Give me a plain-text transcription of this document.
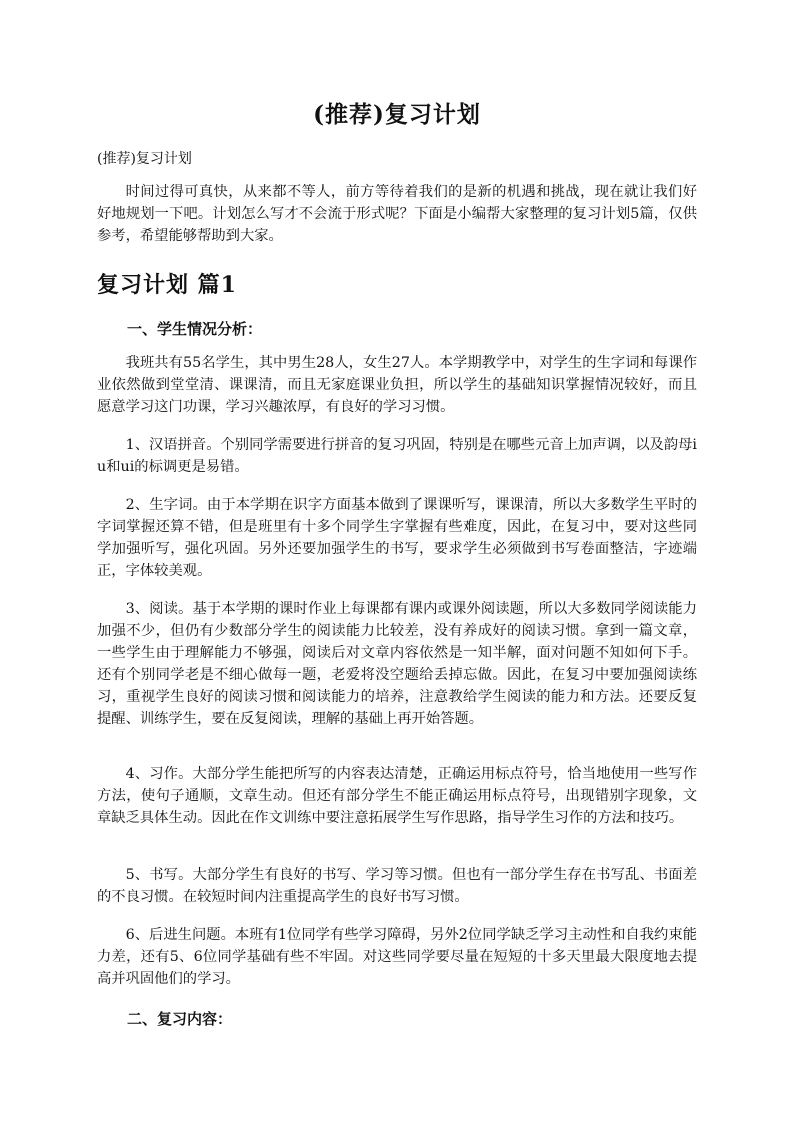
(推荐)复习计划

(推荐)复习计划

时间过得可真快，从来都不等人，前方等待着我们的是新的机遇和挑战，现在就让我们好好地规划一下吧。计划怎么写才不会流于形式呢？下面是小编帮大家整理的复习计划5篇，仅供参考，希望能够帮助到大家。

复习计划 篇1
一、学生情况分析：

我班共有55名学生，其中男生28人，女生27人。本学期教学中，对学生的生字词和每课作业依然做到堂堂清、课课清，而且无家庭课业负担，所以学生的基础知识掌握情况较好，而且愿意学习这门功课，学习兴趣浓厚，有良好的学习习惯。

1、汉语拼音。个别同学需要进行拼音的复习巩固，特别是在哪些元音上加声调，以及韵母iu和ui的标调更是易错。

2、生字词。由于本学期在识字方面基本做到了课课听写，课课清，所以大多数学生平时的字词掌握还算不错，但是班里有十多个同学生字掌握有些难度，因此，在复习中，要对这些同学加强听写，强化巩固。另外还要加强学生的书写，要求学生必须做到书写卷面整洁，字迹端正，字体较美观。

3、阅读。基于本学期的课时作业上每课都有课内或课外阅读题，所以大多数同学阅读能力加强不少，但仍有少数部分学生的阅读能力比较差，没有养成好的阅读习惯。拿到一篇文章，一些学生由于理解能力不够强，阅读后对文章内容依然是一知半解，面对问题不知如何下手。还有个别同学老是不细心做每一题，老爱将没空题给丢掉忘做。因此，在复习中要加强阅读练习，重视学生良好的阅读习惯和阅读能力的培养，注意教给学生阅读的能力和方法。还要反复提醒、训练学生，要在反复阅读，理解的基础上再开始答题。

4、习作。大部分学生能把所写的内容表达清楚，正确运用标点符号，恰当地使用一些写作方法，使句子通顺，文章生动。但还有部分学生不能正确运用标点符号，出现错别字现象，文章缺乏具体生动。因此在作文训练中要注意拓展学生写作思路，指导学生习作的方法和技巧。

5、书写。大部分学生有良好的书写、学习等习惯。但也有一部分学生存在书写乱、书面差的不良习惯。在较短时间内注重提高学生的良好书写习惯。

6、后进生问题。本班有1位同学有些学习障碍，另外2位同学缺乏学习主动性和自我约束能力差，还有5、6位同学基础有些不牢固。对这些同学要尽量在短短的十多天里最大限度地去提高并巩固他们的学习。

二、复习内容：
